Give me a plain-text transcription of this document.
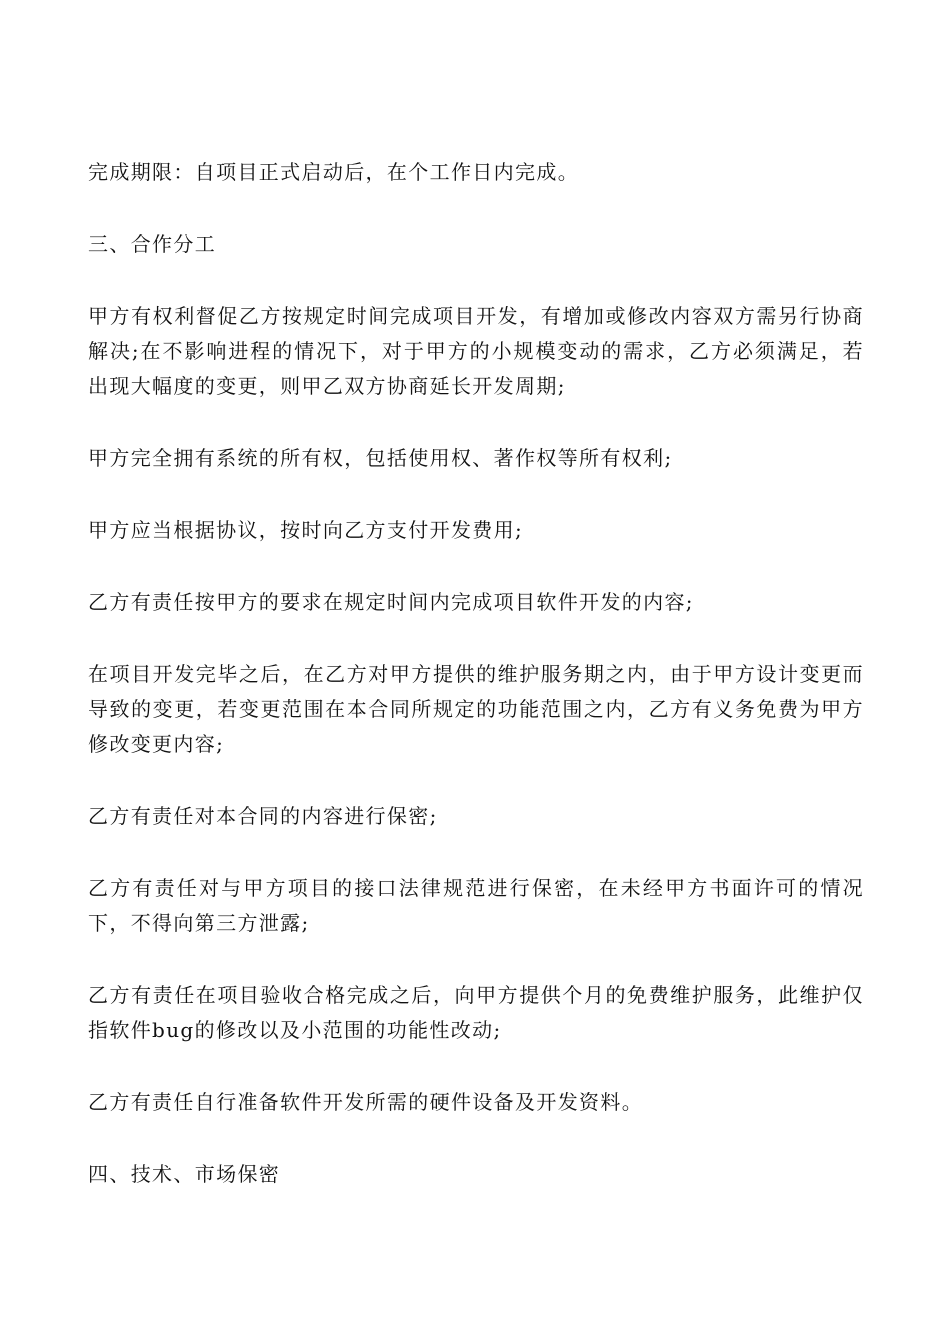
完成期限：自项目正式启动后，在个工作日内完成。

三、合作分工

甲方有权利督促乙方按规定时间完成项目开发，有增加或修改内容双方需另行协商解决;在不影响进程的情况下，对于甲方的小规模变动的需求，乙方必须满足，若出现大幅度的变更，则甲乙双方协商延长开发周期;

甲方完全拥有系统的所有权，包括使用权、著作权等所有权利;

甲方应当根据协议，按时向乙方支付开发费用;

乙方有责任按甲方的要求在规定时间内完成项目软件开发的内容;

在项目开发完毕之后，在乙方对甲方提供的维护服务期之内，由于甲方设计变更而导致的变更，若变更范围在本合同所规定的功能范围之内，乙方有义务免费为甲方修改变更内容;

乙方有责任对本合同的内容进行保密;

乙方有责任对与甲方项目的接口法律规范进行保密，在未经甲方书面许可的情况下，不得向第三方泄露;

乙方有责任在项目验收合格完成之后，向甲方提供个月的免费维护服务，此维护仅指软件bug的修改以及小范围的功能性改动;

乙方有责任自行准备软件开发所需的硬件设备及开发资料。

四、技术、市场保密
